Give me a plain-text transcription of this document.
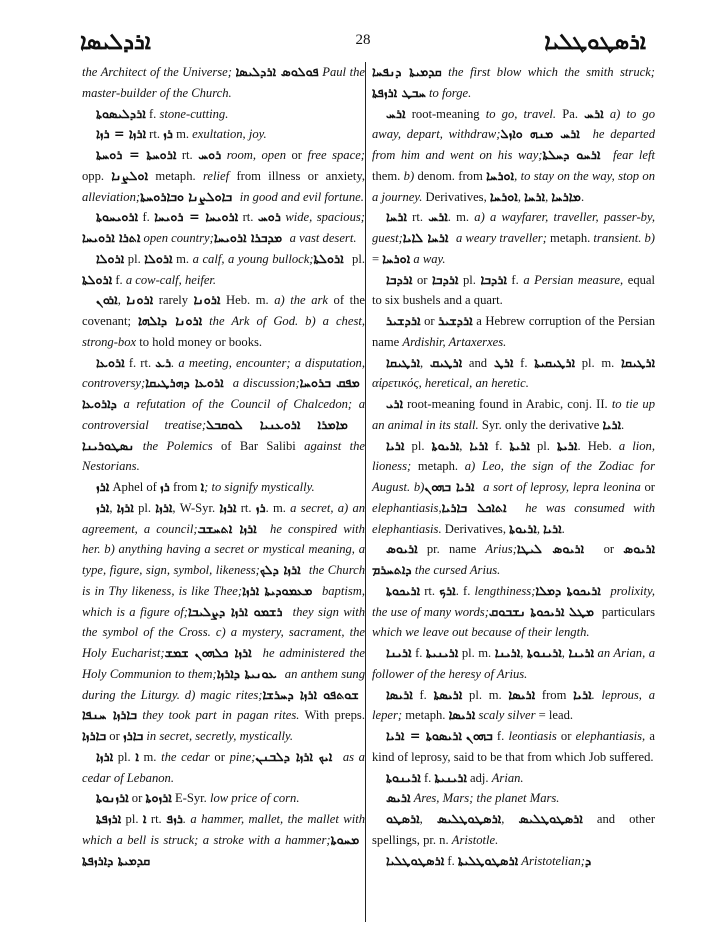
ܐܪܕܠܝܣܐ	28	ܐܪܣܛܘܛܠܝܐ

the Architect of the Universe; ܦܘܠܘܣ ܐܪܕܠܝܣܐ Paul the master-builder of the Church.

ܐܪܕܠܝܣܘܬܐ f. stone-cutting.

ܐܪܙܐ = ܪܙܐ rt. ܪܙ m. exultation, joy.

ܐܪܘܚܬܐ = ܪܘܚܬܐ rt. ܪܘܚ room, open or free space; opp. ܐܘܠܨܢܐ metaph. relief from illness or anxiety, alleviation; ܒܐܘܠܨܢܐ ܘܒܐܪܘܚܬܐ in good and evil fortune.

ܐܪܘܝܚܘܬܐ f. ܐܪܘܝܚܐ = ܪܘܝܚܐ rt. ܪܘܚ wide, spacious; ܐܬܪܐ ܐܪܘܝܚܐ open country; ܡܕܒܪܐ ܐܪܘܝܚܐ a vast desert.

ܐܪܘܠܐ pl. ܐܪܘܠܐ m. a calf, a young bullock; ܐܪܘܠܬܐ pl. ܐܪܘܠܬܐ f. a cow-calf, heifer.

ܐܪܘܢ, ܐܪܘܢܐ rarely ܐܪܘܢܐ Heb. m. a) the ark of the covenant; ܐܪܘܢܐ ܕܐܠܗܐ the Ark of God. b) a chest, strong-box to hold money or books.

ܐܪܘܥܐ f. rt. ܪܥ. a meeting, encounter; a disputation, controversy; ܐܪܘܥܐ ܕܗܪܛܝܩܐ a discussion; ܡܦܩ ܒܪܘܚܐ ܕܐܪܘܥܐ a refutation of the Council of Chalcedon; a controversial treatise; ܡܐܡܪܐ ܐܪܘܥܢܝܐ ܠܘܩܒܠ ܢܣܛܘܪܝܢܐ the Polemics of Bar Salibi against the Nestorians.

ܐܪܙ Aphel of ܪܙ from ܐ; to signify mystically.

ܐܪܙ, ܐܪܙܐ pl. ܐܪܙܐ, W-Syr. ܐܪܙܐ rt. ܪܙ. m. a secret, a) an agreement, a council; ܐܪܙܐ ܐܬܚܫܒ he conspired with her. b) anything having a secret or mystical meaning, a type, figure, sign, symbol, likeness; ܐܪܙܐ ܕܠܟ the Church is in Thy likeness, is like Thee; ܡܥܡܘܕܝܬܐ ܐܪܙܐ baptism, which is a figure of; ܪܫܡܘ ܐܪܙܐ ܕܨܠܝܒܐ they sign with the symbol of the Cross. c) a mystery, sacrament, the Holy Eucharist; ܐܪܙܐ ܟܠܗܘܢ ܫܡܫ he administered the Holy Communion to them; ܥܘܢܝܬܐ ܕܐܪܙܐ an anthem sung during the Liturgy. d) magic rites; ܐܪܙܐ ܕܚܪܫܐ ܫܘܬܦܘ ܒܐܪܙܐ ܚܢܦܐ they took part in pagan rites. With preps. ܒܐܪܙܐ or ܒܐܪܙ in secret, secretly, mystically.

ܐܪܙܐ pl. ܐ m. the cedar or pine; ܐܝܟ ܐܪܙܐ ܕܠܒܢܢ as a cedar of Lebanon.

ܐܪܙܢܘܬܐ or ܐܪܙܘܬܐ E-Syr. low price of corn.

ܐܪܙܦܬܐ pl. ܐ rt. ܪܙܦ. a hammer, mallet, the mallet with which a bell is struck; a stroke with a hammer; ܡܚܘܬܐ ܩܕܡܝܬܐ ܕܐܪܙܦܬܐ

ܩܕܡܝܬܐ ܕܢܦܚܐ the first blow which the smith struck; ܚܒܛ ܐܪܙܦܬܐ to forge.

ܐܪܚ root-meaning to go, travel. Pa. ܐܪܚ a) to go away, depart, withdraw; ܐܪܚ ܡܢܗ ܘܐܙܠ he departed from him and went on his way; ܐܪܚܘ ܕܚܠܬܐ fear left them. b) denom. from ܐܘܪܚܐ, to stay on the way, stop on a journey. Derivatives, ܐܘܪܚܐ, ܐܪܚܐ, ܡܐܪܚܐ.

ܐܪܚܐ rt. ܐܪܚ. m. a) a wayfarer, traveller, passer-by, guest; ܐܪܚܐ ܠܐܝܐ a weary traveller; metaph. transient. b) = ܐܘܪܚܐ a way.

ܐܪܕܒܐ or ܐܪܕܒܐ pl. ܐܪܕܒܐ f. a Persian measure, equal to six bushels and a quart.

ܐܪܕܫܝܪ or ܐܪܕܫܝܪ a Hebrew corruption of the Persian name Ardishir, Artaxerxes.

ܐܪܛܝܩܐ, ܐܪܛܝܩ and ܐܪܛ f. ܐܪܛܝܩܝܬܐ pl. m. ܐܪܛܝܩܐ αἱρετικός, heretical, an heretic.

ܐܪܝ root-meaning found in Arabic, conj. II. to tie up an animal in its stall. Syr. only the derivative ܐܪܝܐ.

ܐܪܝܐ pl. ܐܪܝܘܬܐ, ܐܪܝܐ f. ܐܪܝܬܐ pl. ܐܪܝܬܐ. Heb. a lion, lioness; metaph. a) Leo, the sign of the Zodiac for August. b) ܐܪܝܐ ܒܗܘܢ a sort of leprosy, lepra leonina or elephantiasis, ܐܬܐܟܠ ܒܐܪܝܐ he was consumed with elephantiasis. Derivatives, ܐܪܝܘܬܐ, ܐܪܝܐ.

ܐܪܝܘܣ pr. name Arius; ܐܪܝܘܣ ܠܝܛܐ or ܐܪܝܘܣ ܕܐܬܚܪܡ the cursed Arius.

ܐܪܝܟܘܬܐ rt. ܐܪܟ. f. lengthiness; ܐܪܝܟܘܬܐ ܕܡܠܐ prolixity, the use of many words; ܢܫܒܘܩ ܡܛܠ ܐܪܝܟܘܬܐ particulars which we leave out because of their length.

ܐܪܝܢܐ f. ܐܪܝܢܝܬܐ pl. m. ܐܪܝܢܐ, ܐܪܝܢܘܬܐ, ܐܪܝܢܐ an Arian, a follower of the heresy of Arius.

ܐܪܝܣܐ f. ܐܪܝܣܬܐ pl. m. ܐܪܝܣܐ from ܐܪܝܐ. leprous, a leper; metaph. ܐܪܝܣܐ scaly silver = lead.

ܐܪܝܣܘܬܐ = ܐܪܝܐ ܒܗܘܢ f. leontiasis or elephantiasis, a kind of leprosy, said to be that from which Job suffered.

ܐܪܝܢܘܬܐ f. ܐܪܝܢܝܬܐ adj. Arian.

ܐܪܝܣ Ares, Mars; the planet Mars.

ܐܪܣܛܘ, ܐܪܣܛܘܛܠܝܣ, ܐܪܣܛܘܛܠܝܣ and other spellings, pr. n. Aristotle.

ܐܪܣܛܘܛܠܝܐ f. ܐܪܣܛܘܛܠܝܬܐ Aristotelian; ܕ
